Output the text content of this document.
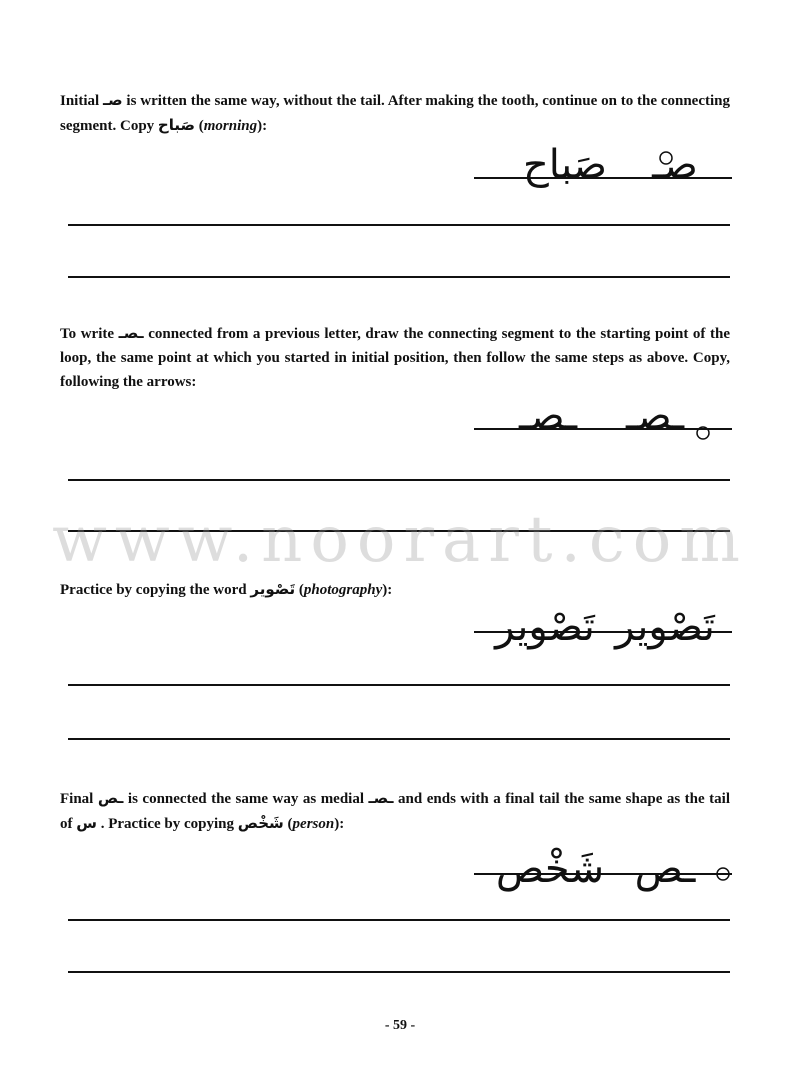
Initial صـ is written the same way, without the tail. After making the tooth, continue on to the connecting segment. Copy صَباح (morning):
صَباح صـ
To write ـصـ connected from a previous letter, draw the connecting segment to the starting point of the loop, the same point at which you started in initial position, then follow the same steps as above. Copy, following the arrows:
ـصـ ـصـ
www.noorart.com
Practice by copying the word تَصْوير (photography):
تَصْوير تَصْوير
Final ـص is connected the same way as medial ـصـ and ends with a final tail the same shape as the tail of س . Practice by copying شَخْص (person):
شَخْص ـص
- 59 -
